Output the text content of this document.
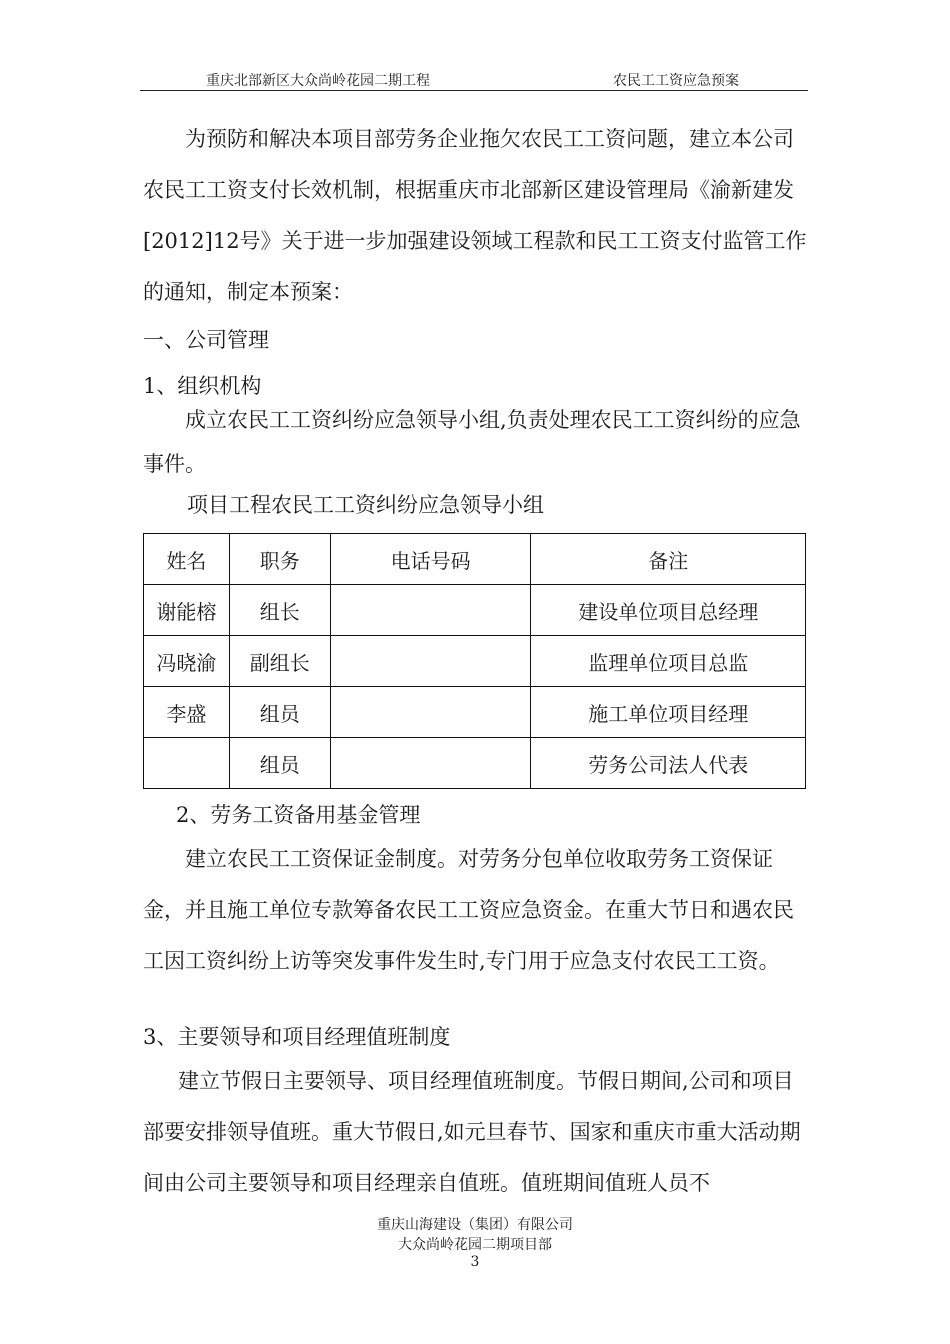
重庆北部新区大众尚岭花园二期工程	农民工工资应急预案

为预防和解决本项目部劳务企业拖欠农民工工资问题，建立本公司农民工工资支付长效机制，根据重庆市北部新区建设管理局《渝新建发[2012]12号》关于进一步加强建设领域工程款和民工工资支付监管工作的通知，制定本预案：

一、公司管理
1、组织机构

成立农民工工资纠纷应急领导小组,负责处理农民工工资纠纷的应急事件。

项目工程农民工工资纠纷应急领导小组
姓名	职务	电话号码	备注
谢能榕	组长		建设单位项目总经理
冯晓渝	副组长		监理单位项目总监
李盛	组员		施工单位项目经理
	组员		劳务公司法人代表
2、劳务工资备用基金管理

建立农民工工资保证金制度。对劳务分包单位收取劳务工资保证金，并且施工单位专款筹备农民工工资应急资金。在重大节日和遇农民工因工资纠纷上访等突发事件发生时,专门用于应急支付农民工工资。

3、主要领导和项目经理值班制度

建立节假日主要领导、项目经理值班制度。节假日期间,公司和项目部要安排领导值班。重大节假日,如元旦春节、国家和重庆市重大活动期间由公司主要领导和项目经理亲自值班。值班期间值班人员不

重庆山海建设（集团）有限公司
大众尚岭花园二期项目部
3
